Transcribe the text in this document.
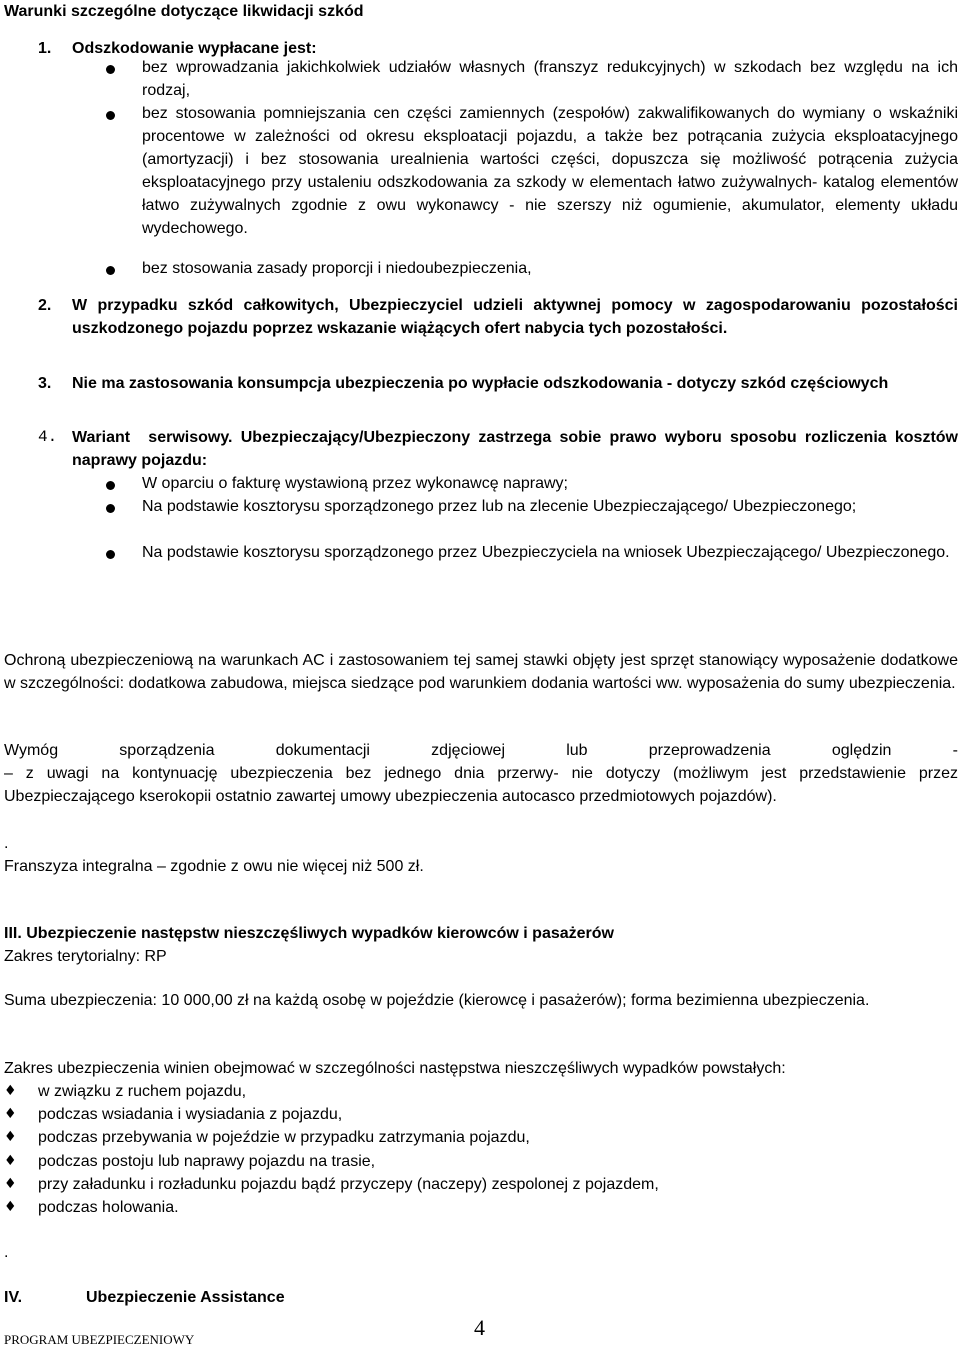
Warunki szczególne dotyczące likwidacji szkód
1. Odszkodowanie wypłacane jest:
bez wprowadzania jakichkolwiek udziałów własnych (franszyz redukcyjnych) w szkodach bez względu na ich rodzaj,
bez stosowania pomniejszania cen części zamiennych (zespołów) zakwalifikowanych do wymiany o wskaźniki procentowe w zależności od okresu eksploatacji pojazdu, a także bez potrącania zużycia eksploatacyjnego (amortyzacji) i bez stosowania urealnienia wartości części, dopuszcza się możliwość potrącenia zużycia eksploatacyjnego przy ustaleniu odszkodowania za szkody w elementach łatwo zużywalnych- katalog elementów łatwo zużywalnych zgodnie z owu wykonawcy - nie szerszy niż ogumienie, akumulator, elementy układu wydechowego.
bez stosowania zasady proporcji i niedoubezpieczenia,
2. W przypadku szkód całkowitych, Ubezpieczyciel udzieli aktywnej pomocy w zagospodarowaniu pozostałości uszkodzonego pojazdu poprzez wskazanie wiążących ofert nabycia tych pozostałości.
3. Nie ma zastosowania konsumpcja ubezpieczenia po wypłacie odszkodowania - dotyczy szkód częściowych
4. Wariant serwisowy. Ubezpieczający/Ubezpieczony zastrzega sobie prawo wyboru sposobu rozliczenia kosztów naprawy pojazdu:
W oparciu o fakturę wystawioną przez wykonawcę naprawy;
Na podstawie kosztorysu sporządzonego przez lub na zlecenie Ubezpieczającego/ Ubezpieczonego;
Na podstawie kosztorysu sporządzonego przez Ubezpieczyciela na wniosek Ubezpieczającego/ Ubezpieczonego.
Ochroną ubezpieczeniową na warunkach AC i zastosowaniem tej samej stawki objęty jest sprzęt stanowiący wyposażenie dodatkowe w szczególności: dodatkowa zabudowa, miejsca siedzące pod warunkiem dodania wartości ww. wyposażenia do sumy ubezpieczenia.
Wymóg sporządzenia dokumentacji zdjęciowej lub przeprowadzenia oględzin -
– z uwagi na kontynuację ubezpieczenia bez jednego dnia przerwy- nie dotyczy (możliwym jest przedstawienie przez Ubezpieczającego kserokopii ostatnio zawartej umowy ubezpieczenia autocasco przedmiotowych pojazdów).
.
Franszyza integralna – zgodnie z owu nie więcej niż 500 zł.
III. Ubezpieczenie następstw nieszczęśliwych wypadków kierowców i pasażerów
Zakres terytorialny: RP
Suma ubezpieczenia: 10 000,00 zł na każdą osobę w pojeździe (kierowcę i pasażerów); forma bezimienna ubezpieczenia.
Zakres ubezpieczenia winien obejmować w szczególności następstwa nieszczęśliwych wypadków powstałych:
♦ w związku z ruchem pojazdu,
♦ podczas wsiadania i wysiadania z pojazdu,
♦ podczas przebywania w pojeździe w przypadku zatrzymania pojazdu,
♦ podczas postoju lub naprawy pojazdu na trasie,
♦ przy załadunku i rozładunku pojazdu bądź przyczepy (naczepy) zespolonej z pojazdem,
♦ podczas holowania.
.
IV.	Ubezpieczenie Assistance
4
PROGRAM UBEZPIECZENIOWY
